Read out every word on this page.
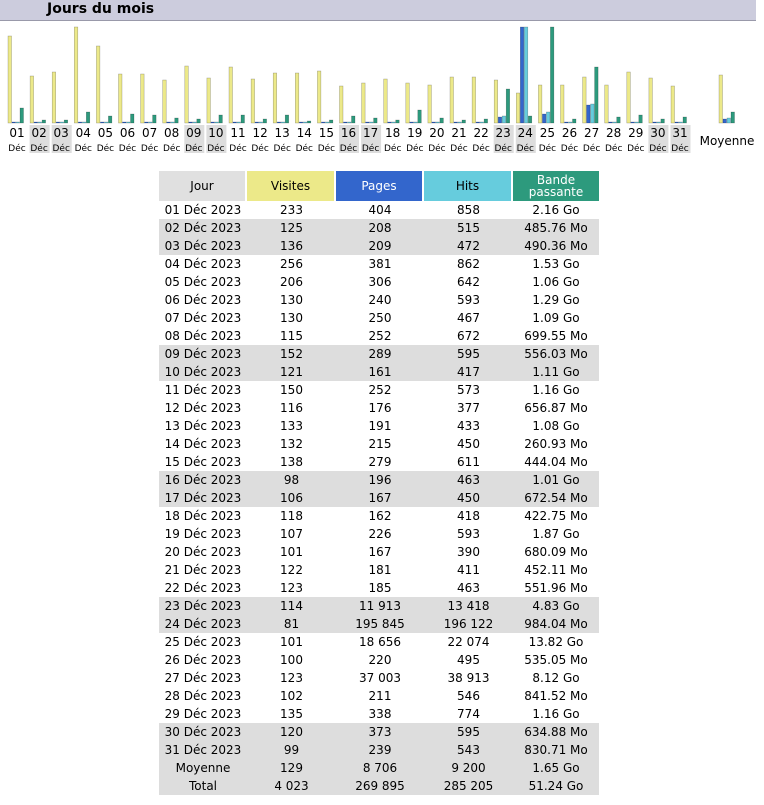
Jours du mois
01
Déc
02
Déc
03
Déc
04
Déc
05
Déc
06
Déc
07
Déc
08
Déc
09
Déc
10
Déc
11
Déc
12
Déc
13
Déc
14
Déc
15
Déc
16
Déc
17
Déc
18
Déc
19
Déc
20
Déc
21
Déc
22
Déc
23
Déc
24
Déc
25
Déc
26
Déc
27
Déc
28
Déc
29
Déc
30
Déc
31
Déc
Moyenne
Jour	Visites	Pages	Hits	Bande passante
01 Déc 2023	233	404	858	2.16 Go
02 Déc 2023	125	208	515	485.76 Mo
03 Déc 2023	136	209	472	490.36 Mo
04 Déc 2023	256	381	862	1.53 Go
05 Déc 2023	206	306	642	1.06 Go
06 Déc 2023	130	240	593	1.29 Go
07 Déc 2023	130	250	467	1.09 Go
08 Déc 2023	115	252	672	699.55 Mo
09 Déc 2023	152	289	595	556.03 Mo
10 Déc 2023	121	161	417	1.11 Go
11 Déc 2023	150	252	573	1.16 Go
12 Déc 2023	116	176	377	656.87 Mo
13 Déc 2023	133	191	433	1.08 Go
14 Déc 2023	132	215	450	260.93 Mo
15 Déc 2023	138	279	611	444.04 Mo
16 Déc 2023	98	196	463	1.01 Go
17 Déc 2023	106	167	450	672.54 Mo
18 Déc 2023	118	162	418	422.75 Mo
19 Déc 2023	107	226	593	1.87 Go
20 Déc 2023	101	167	390	680.09 Mo
21 Déc 2023	122	181	411	452.11 Mo
22 Déc 2023	123	185	463	551.96 Mo
23 Déc 2023	114	11 913	13 418	4.83 Go
24 Déc 2023	81	195 845	196 122	984.04 Mo
25 Déc 2023	101	18 656	22 074	13.82 Go
26 Déc 2023	100	220	495	535.05 Mo
27 Déc 2023	123	37 003	38 913	8.12 Go
28 Déc 2023	102	211	546	841.52 Mo
29 Déc 2023	135	338	774	1.16 Go
30 Déc 2023	120	373	595	634.88 Mo
31 Déc 2023	99	239	543	830.71 Mo
Moyenne	129	8 706	9 200	1.65 Go
Total	4 023	269 895	285 205	51.24 Go
